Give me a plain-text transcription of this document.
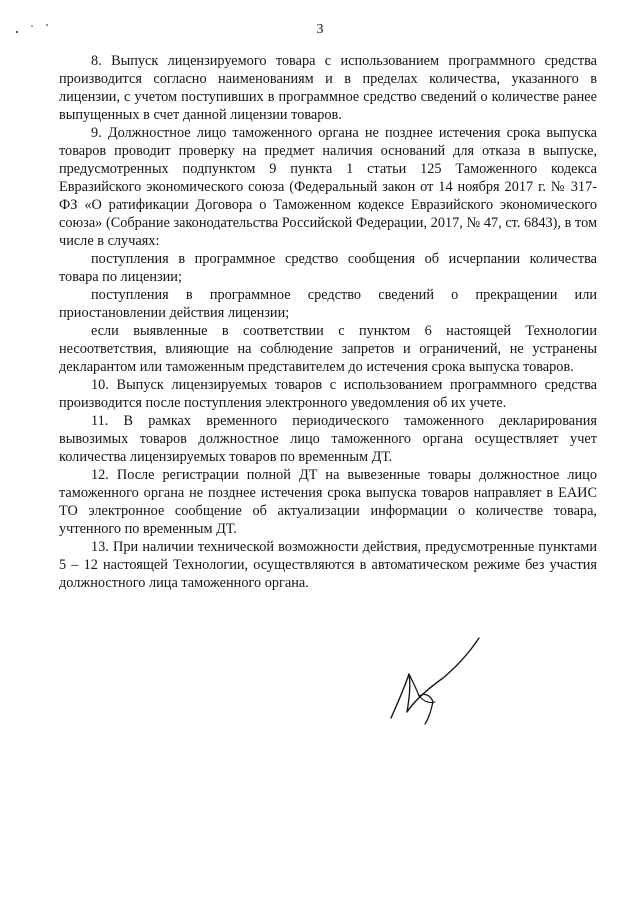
3

8. Выпуск лицензируемого товара с использованием программного средства производится согласно наименованиям и в пределах количества, указанного в лицензии, с учетом поступивших в программное средство сведений о количестве ранее выпущенных в счет данной лицензии товаров.

9. Должностное лицо таможенного органа не позднее истечения срока выпуска товаров проводит проверку на предмет наличия оснований для отказа в выпуске, предусмотренных подпунктом 9 пункта 1 статьи 125 Таможенного кодекса Евразийского экономического союза (Федеральный закон от 14 ноября 2017 г. № 317-ФЗ «О ратификации Договора о Таможенном кодексе Евразийского экономического союза» (Собрание законодательства Российской Федерации, 2017, № 47, ст. 6843), в том числе в случаях:

поступления в программное средство сообщения об исчерпании количества товара по лицензии;

поступления в программное средство сведений о прекращении или приостановлении действия лицензии;

если выявленные в соответствии с пунктом 6 настоящей Технологии несоответствия, влияющие на соблюдение запретов и ограничений, не устранены декларантом или таможенным представителем до истечения срока выпуска товаров.

10. Выпуск лицензируемых товаров с использованием программного средства производится после поступления электронного уведомления об их учете.

11. В рамках временного периодического таможенного декларирования вывозимых товаров должностное лицо таможенного органа осуществляет учет количества лицензируемых товаров по временным ДТ.

12. После регистрации полной ДТ на вывезенные товары должностное лицо таможенного органа не позднее истечения срока выпуска товаров направляет в ЕАИС ТО электронное сообщение об актуализации информации о количестве товара, учтенного по временным ДТ.

13. При наличии технической возможности действия, предусмотренные пунктами 5 – 12 настоящей Технологии, осуществляются в автоматическом режиме без участия должностного лица таможенного органа.
